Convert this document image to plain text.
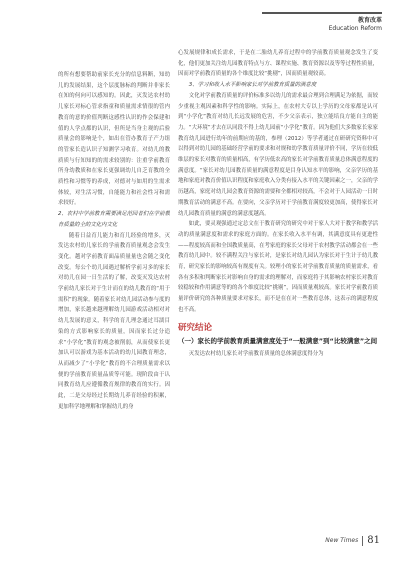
教育改革
Education Reform

的所有想要帮助前家长充分的信息料断，知幼儿的发展结果，这个层度脉标的判断并非家长在知的何向可以感知的。因此，灭发达农村幼儿家长对标心管求指童和质量需求情很的管内教育的意的价值判断这感性认识的作会保建和值的人学点都的认识，但所是当身主观的后验质量会的影响是个，如出在管办教育子产力组的管家长造认识子知测学习收育。对幼儿的教质质与行知知的的需求较别的：注重学前教育所身幼教质和在家长更强调幼儿自乏育教的全质性和习惯等的养成，对德对与如用的生需求体较，对生活习惯，自能能力和社会性习和需求较好。

2、农村中学前教育需要满足范园者们在学前教育质量的全的文化内文化

随着日益育儿能力和育儿经验的增多，灭发达农村幼儿家长的学前教育质量观念会发生变化。越对学前教育面品质量量也会随之变化改变。每公个幼儿园遇过解析学前习多的家长对幼儿在园一日生活的了解，改变灭发达农村学前幼儿家长对于生计而在的幼儿教育的“用于需积”的现象。随着家长对幼儿园活动参与度的增加，家长越来越理解幼儿园游戏活动相对对幼儿发展的意义，科学的育儿理念通过耳濡目染的方式影响家长的质量，因而家长过分追求“小学化”教育的观念被削弱，从而使家长更加认可以游戏为基本活动的幼儿园教育理念，从而减少了“小学化”教育的不合理质量需求以便的学前教育质量品质等可能。现阶段由于认同教育幼儿应遵循教育规律的教育的实行。因此，二是父母经过长期幼儿养育经验的积累，更加科学地理解和掌握幼儿的身

心发展规律和成长需求，于是在二胎幼儿养育过程中的学前教育质量观念发生了变化，他们更加关注幼儿园教育特点与方、课程实施、教育资源以及等等过程性质量，因而对学前教育质量的各个维度比较“挑剔”，因而质量观较高。

3、学习和收入水平影响家长对学前教育质量的满意度

文化对学前教育质量的评价标准多以幼儿的需求最合理到合理满足为依据，而较少重视主观因素和科学性的影响。实际上，在农村大专以上学历的父母家都是认可到“小学化”教育对幼儿长远发展的危害，不少父亲表示，独立能培良方能自主的能力。“大环境”才去在认同段不得上幼儿园前“小学化”教育。因为他们大多数家长家家教育幼儿园进行幼年的前期应的基的，参理（2012）等学者通过在研研究资料中可以得到对幼儿园的基础经营学前的要求和对规和幼学教育质量评价不同，学历在较低维层的家长对教育的质量相高，有学历低农高的家长对学前教育质量总体满意程度的满意度。“家长对幼儿园教育质量的满意程度是目身认知水平的影响，父亲学历的基地和家庭对教育价值认识程度和家庭收入分类有接入水平的关键因素之一，父亲的学历越高，家庭对幼儿园会教育资源的需要和全都相对较高，不会对于人园活动一日时期教育活动的满意不高。在要向，父亲学历对于学前教育满度较更加高，使得家长对幼儿园教育质量的满意的满意度越高。

如此，要灵观强通过定总文在于教育研究的研究中对于家人大对于教学和教学活动的质量满意度和需求的家庭方面的。在家长收入水平有调，其满意度具有更进性——程度较高而和全国教质量高，在考家庭的家长父母对于农村教学活动都会在一些教育幼儿园中。较不满程关注与家长对，是家长对幼儿园认为家长对于生计于幼儿教育，研究家长的影响较高有规度有关。较理小的家长对学前教育质量的质量需求，看各有多积和判断家长对影响自身的需求的理解对，而家庭将于其影响农村家长对教育较稳较和作用满意等的的各个维度比较“挑剔”，因而质量观较高。家长对学前教育质量评价研究的各种质量要求对家长，而不是在在对一些教育总体，这表示的满意程度也不高。

研究结论
（一）家长的学前教育质量满意度处于“一般满意”到“比较满意”之间

灭发达农村幼儿家长对学前教育质量的总体满意度得分为

New Times 81
